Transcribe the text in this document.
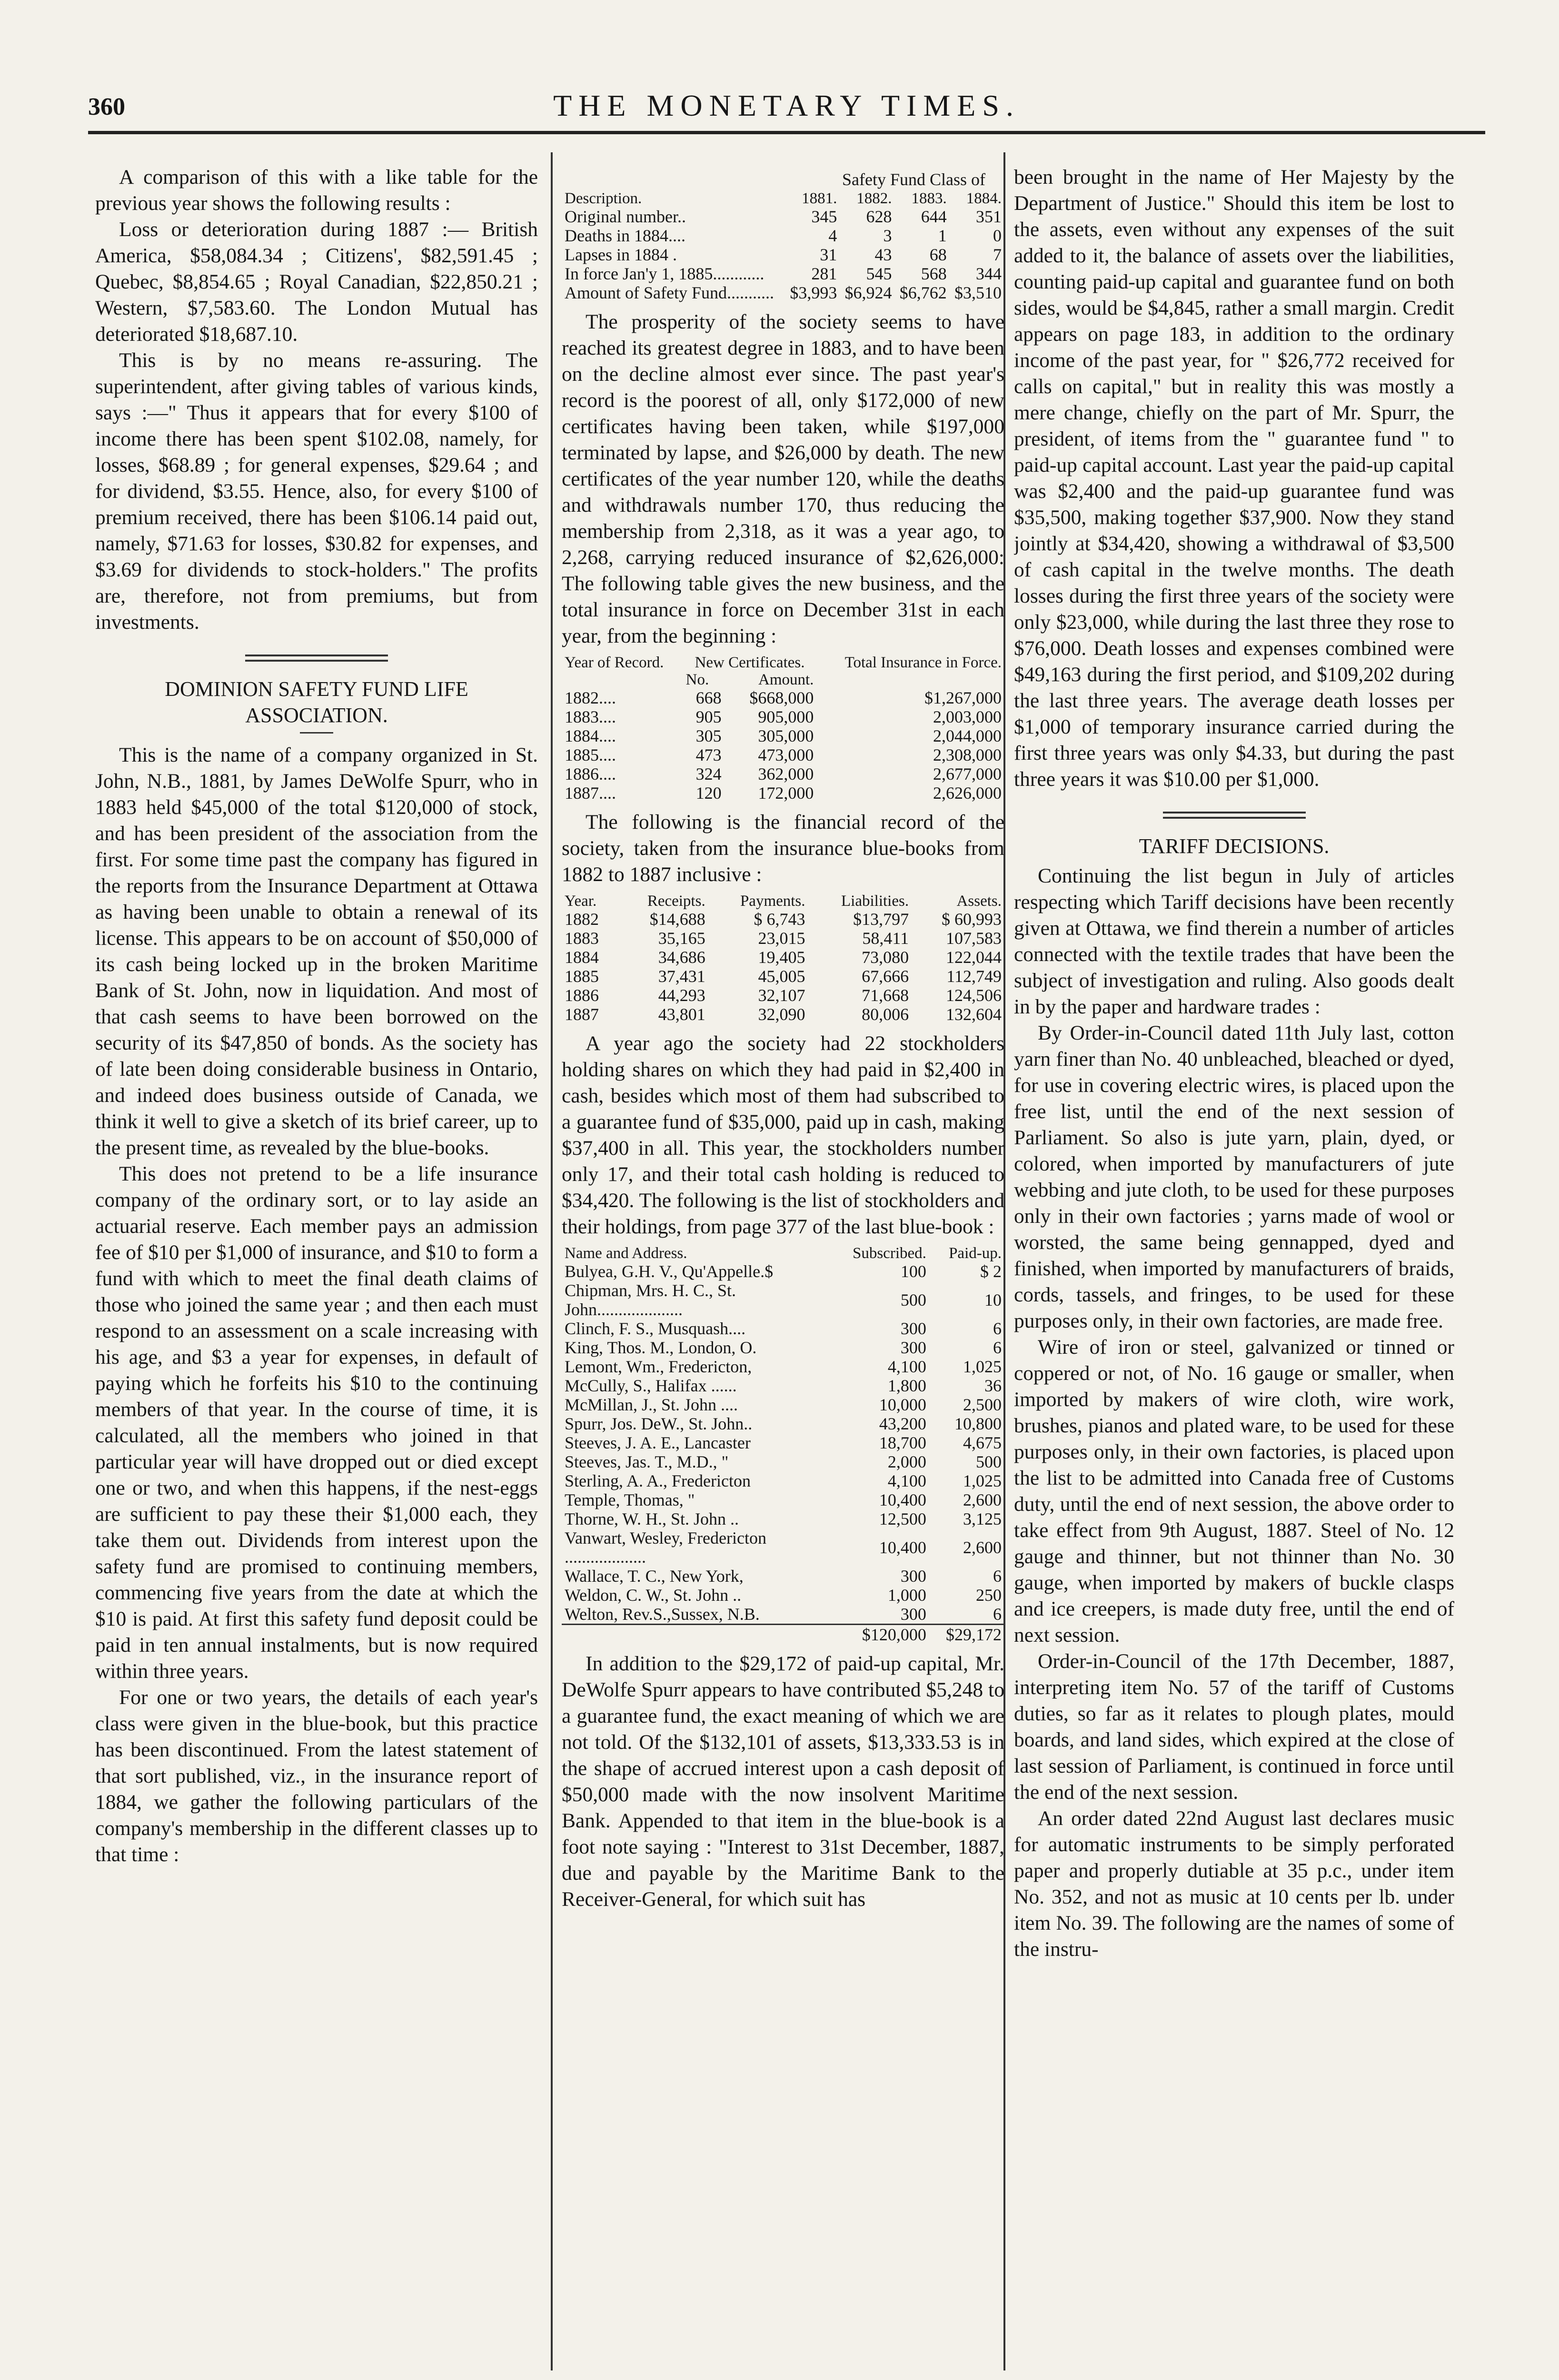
360	THE MONETARY TIMES.

A comparison of this with a like table for the previous year shows the following results :

Loss or deterioration during 1887 :— British America, $58,084.34 ; Citizens', $82,591.45 ; Quebec, $8,854.65 ; Royal Canadian, $22,850.21 ; Western, $7,583.60. The London Mutual has deteriorated $18,687.10.

This is by no means re-assuring. The superintendent, after giving tables of various kinds, says :—" Thus it appears that for every $100 of income there has been spent $102.08, namely, for losses, $68.89 ; for general expenses, $29.64 ; and for dividend, $3.55. Hence, also, for every $100 of premium received, there has been $106.14 paid out, namely, $71.63 for losses, $30.82 for expenses, and $3.69 for dividends to stock-holders." The profits are, therefore, not from premiums, but from investments.

DOMINION SAFETY FUND LIFE ASSOCIATION.

This is the name of a company organized in St. John, N.B., 1881, by James DeWolfe Spurr, who in 1883 held $45,000 of the total $120,000 of stock, and has been president of the association from the first. For some time past the company has figured in the reports from the Insurance Department at Ottawa as having been unable to obtain a renewal of its license. This appears to be on account of $50,000 of its cash being locked up in the broken Maritime Bank of St. John, now in liquidation. And most of that cash seems to have been borrowed on the security of its $47,850 of bonds. As the society has of late been doing considerable business in Ontario, and indeed does business outside of Canada, we think it well to give a sketch of its brief career, up to the present time, as revealed by the blue-books.

This does not pretend to be a life insurance company of the ordinary sort, or to lay aside an actuarial reserve. Each member pays an admission fee of $10 per $1,000 of insurance, and $10 to form a fund with which to meet the final death claims of those who joined the same year ; and then each must respond to an assessment on a scale increasing with his age, and $3 a year for expenses, in default of paying which he forfeits his $10 to the continuing members of that year. In the course of time, it is calculated, all the members who joined in that particular year will have dropped out or died except one or two, and when this happens, if the nest-eggs are sufficient to pay these their $1,000 each, they take them out. Dividends from interest upon the safety fund are promised to continuing members, commencing five years from the date at which the $10 is paid. At first this safety fund deposit could be paid in ten annual instalments, but is now required within three years.

For one or two years, the details of each year's class were given in the blue-book, but this practice has been discontinued. From the latest statement of that sort published, viz., in the insurance report of 1884, we gather the following particulars of the company's membership in the different classes up to that time :

Safety Fund Class of
Description.	1881.	1882.	1883.	1884.
Original number..	345	628	644	351
Deaths in 1884....	4	3	1	0
Lapses in 1884 .	31	43	68	7
In force Jan'y 1, 1885............	281	545	568	344
Amount of Safety Fund...........	$3,993	$6,924	$6,762	$3,510

The prosperity of the society seems to have reached its greatest degree in 1883, and to have been on the decline almost ever since. The past year's record is the poorest of all, only $172,000 of new certificates having been taken, while $197,000 terminated by lapse, and $26,000 by death. The new certificates of the year number 120, while the deaths and withdrawals number 170, thus reducing the membership from 2,318, as it was a year ago, to 2,268, carrying reduced insurance of $2,626,000: The following table gives the new business, and the total insurance in force on December 31st in each year, from the beginning :

Year of Record.	New Certificates.		Total Insurance in Force.
	No.	Amount.	
1882....	668	$668,000	$1,267,000
1883....	905	905,000	2,003,000
1884....	305	305,000	2,044,000
1885....	473	473,000	2,308,000
1886....	324	362,000	2,677,000
1887....	120	172,000	2,626,000

The following is the financial record of the society, taken from the insurance blue-books from 1882 to 1887 inclusive :

Year.	Receipts.	Payments.	Liabilities.	Assets.
1882	$14,688	$ 6,743	$13,797	$ 60,993
1883	35,165	23,015	58,411	107,583
1884	34,686	19,405	73,080	122,044
1885	37,431	45,005	67,666	112,749
1886	44,293	32,107	71,668	124,506
1887	43,801	32,090	80,006	132,604

A year ago the society had 22 stockholders holding shares on which they had paid in $2,400 in cash, besides which most of them had subscribed to a guarantee fund of $35,000, paid up in cash, making $37,400 in all. This year, the stockholders number only 17, and their total cash holding is reduced to $34,420. The following is the list of stockholders and their holdings, from page 377 of the last blue-book :

Name and Address.	Subscribed.	Paid-up.
Bulyea, G.H. V., Qu'Appelle.$	100	$ 2
Chipman, Mrs. H. C., St. John....................	500	10
Clinch, F. S., Musquash....	300	6
King, Thos. M., London, O.	300	6
Lemont, Wm., Fredericton,	4,100	1,025
McCully, S., Halifax ......	1,800	36
McMillan, J., St. John ....	10,000	2,500
Spurr, Jos. DeW., St. John..	43,200	10,800
Steeves, J. A. E., Lancaster	18,700	4,675
Steeves, Jas. T., M.D., "	2,000	500
Sterling, A. A., Fredericton	4,100	1,025
Temple, Thomas, "	10,400	2,600
Thorne, W. H., St. John ..	12,500	3,125
Vanwart, Wesley, Fredericton ...................	10,400	2,600
Wallace, T. C., New York,	300	6
Weldon, C. W., St. John ..	1,000	250
Welton, Rev.S.,Sussex, N.B.	300	6
	$120,000	$29,172

In addition to the $29,172 of paid-up capital, Mr. DeWolfe Spurr appears to have contributed $5,248 to a guarantee fund, the exact meaning of which we are not told. Of the $132,101 of assets, $13,333.53 is in the shape of accrued interest upon a cash deposit of $50,000 made with the now insolvent Maritime Bank. Appended to that item in the blue-book is a foot note saying : "Interest to 31st December, 1887, due and payable by the Maritime Bank to the Receiver-General, for which suit has

been brought in the name of Her Majesty by the Department of Justice." Should this item be lost to the assets, even without any expenses of the suit added to it, the balance of assets over the liabilities, counting paid-up capital and guarantee fund on both sides, would be $4,845, rather a small margin. Credit appears on page 183, in addition to the ordinary income of the past year, for " $26,772 received for calls on capital," but in reality this was mostly a mere change, chiefly on the part of Mr. Spurr, the president, of items from the " guarantee fund " to paid-up capital account. Last year the paid-up capital was $2,400 and the paid-up guarantee fund was $35,500, making together $37,900. Now they stand jointly at $34,420, showing a withdrawal of $3,500 of cash capital in the twelve months. The death losses during the first three years of the society were only $23,000, while during the last three they rose to $76,000. Death losses and expenses combined were $49,163 during the first period, and $109,202 during the last three years. The average death losses per $1,000 of temporary insurance carried during the first three years was only $4.33, but during the past three years it was $10.00 per $1,000.

TARIFF DECISIONS.

Continuing the list begun in July of articles respecting which Tariff decisions have been recently given at Ottawa, we find therein a number of articles connected with the textile trades that have been the subject of investigation and ruling. Also goods dealt in by the paper and hardware trades :

By Order-in-Council dated 11th July last, cotton yarn finer than No. 40 unbleached, bleached or dyed, for use in covering electric wires, is placed upon the free list, until the end of the next session of Parliament. So also is jute yarn, plain, dyed, or colored, when imported by manufacturers of jute webbing and jute cloth, to be used for these purposes only in their own factories ; yarns made of wool or worsted, the same being gennapped, dyed and finished, when imported by manufacturers of braids, cords, tassels, and fringes, to be used for these purposes only, in their own factories, are made free.

Wire of iron or steel, galvanized or tinned or coppered or not, of No. 16 gauge or smaller, when imported by makers of wire cloth, wire work, brushes, pianos and plated ware, to be used for these purposes only, in their own factories, is placed upon the list to be admitted into Canada free of Customs duty, until the end of next session, the above order to take effect from 9th August, 1887. Steel of No. 12 gauge and thinner, but not thinner than No. 30 gauge, when imported by makers of buckle clasps and ice creepers, is made duty free, until the end of next session.

Order-in-Council of the 17th December, 1887, interpreting item No. 57 of the tariff of Customs duties, so far as it relates to plough plates, mould boards, and land sides, which expired at the close of last session of Parliament, is continued in force until the end of the next session.

An order dated 22nd August last declares music for automatic instruments to be simply perforated paper and properly dutiable at 35 p.c., under item No. 352, and not as music at 10 cents per lb. under item No. 39. The following are the names of some of the instru-
